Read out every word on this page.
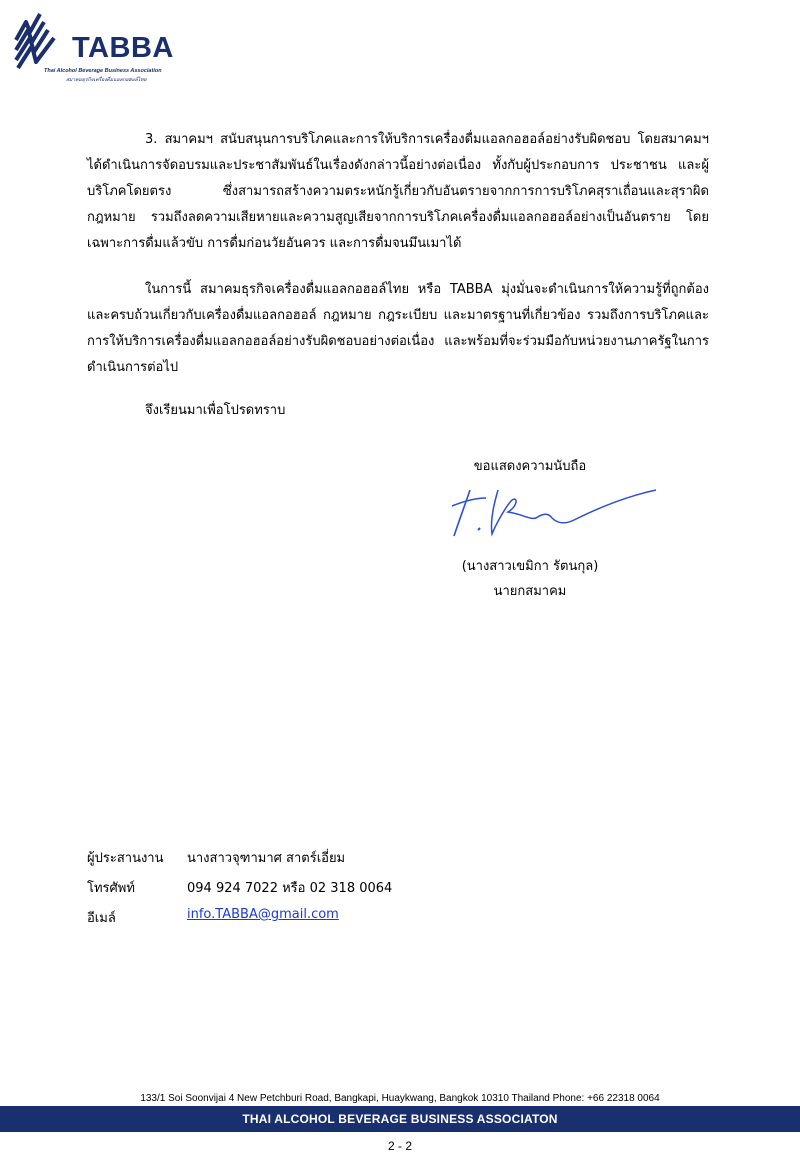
TABBA
Thai Alcohol Beverage Business Association
สมาคมธุรกิจเครื่องดื่มแอลกอฮอล์ไทย

3. สมาคมฯ สนับสนุนการบริโภคและการให้บริการเครื่องดื่มแอลกอฮอล์อย่างรับผิดชอบ โดยสมาคมฯ ได้ดำเนินการจัดอบรมและประชาสัมพันธ์ในเรื่องดังกล่าวนี้อย่างต่อเนื่อง ทั้งกับผู้ประกอบการ ประชาชน และผู้บริโภคโดยตรง ซึ่งสามารถสร้างความตระหนักรู้เกี่ยวกับอันตรายจากการการบริโภคสุราเถื่อนและสุราผิดกฎหมาย รวมถึงลดความเสียหายและความสูญเสียจากการบริโภคเครื่องดื่มแอลกอฮอล์อย่างเป็นอันตราย โดยเฉพาะการดื่มแล้วขับ การดื่มก่อนวัยอันควร และการดื่มจนมึนเมาได้

ในการนี้ สมาคมธุรกิจเครื่องดื่มแอลกอฮอล์ไทย หรือ TABBA มุ่งมั่นจะดำเนินการให้ความรู้ที่ถูกต้องและครบถ้วนเกี่ยวกับเครื่องดื่มแอลกอฮอล์ กฎหมาย กฎระเบียบ และมาตรฐานที่เกี่ยวข้อง รวมถึงการบริโภคและการให้บริการเครื่องดื่มแอลกอฮอล์อย่างรับผิดชอบอย่างต่อเนื่อง และพร้อมที่จะร่วมมือกับหน่วยงานภาครัฐในการดำเนินการต่อไป

จึงเรียนมาเพื่อโปรดทราบ

ขอแสดงความนับถือ
(นางสาวเขมิกา รัตนกุล)
นายกสมาคม
ผู้ประสานงาน นางสาวจุฑามาศ สาตร์เอี่ยม
โทรศัพท์	094 924 7022 หรือ 02 318 0064
อีเมล์	info.TABBA@gmail.com
133/1 Soi Soonvijai 4 New Petchburi Road, Bangkapi, Huaykwang, Bangkok 10310 Thailand Phone: +66 22318 0064
THAI ALCOHOL BEVERAGE BUSINESS ASSOCIATON
2 - 2
